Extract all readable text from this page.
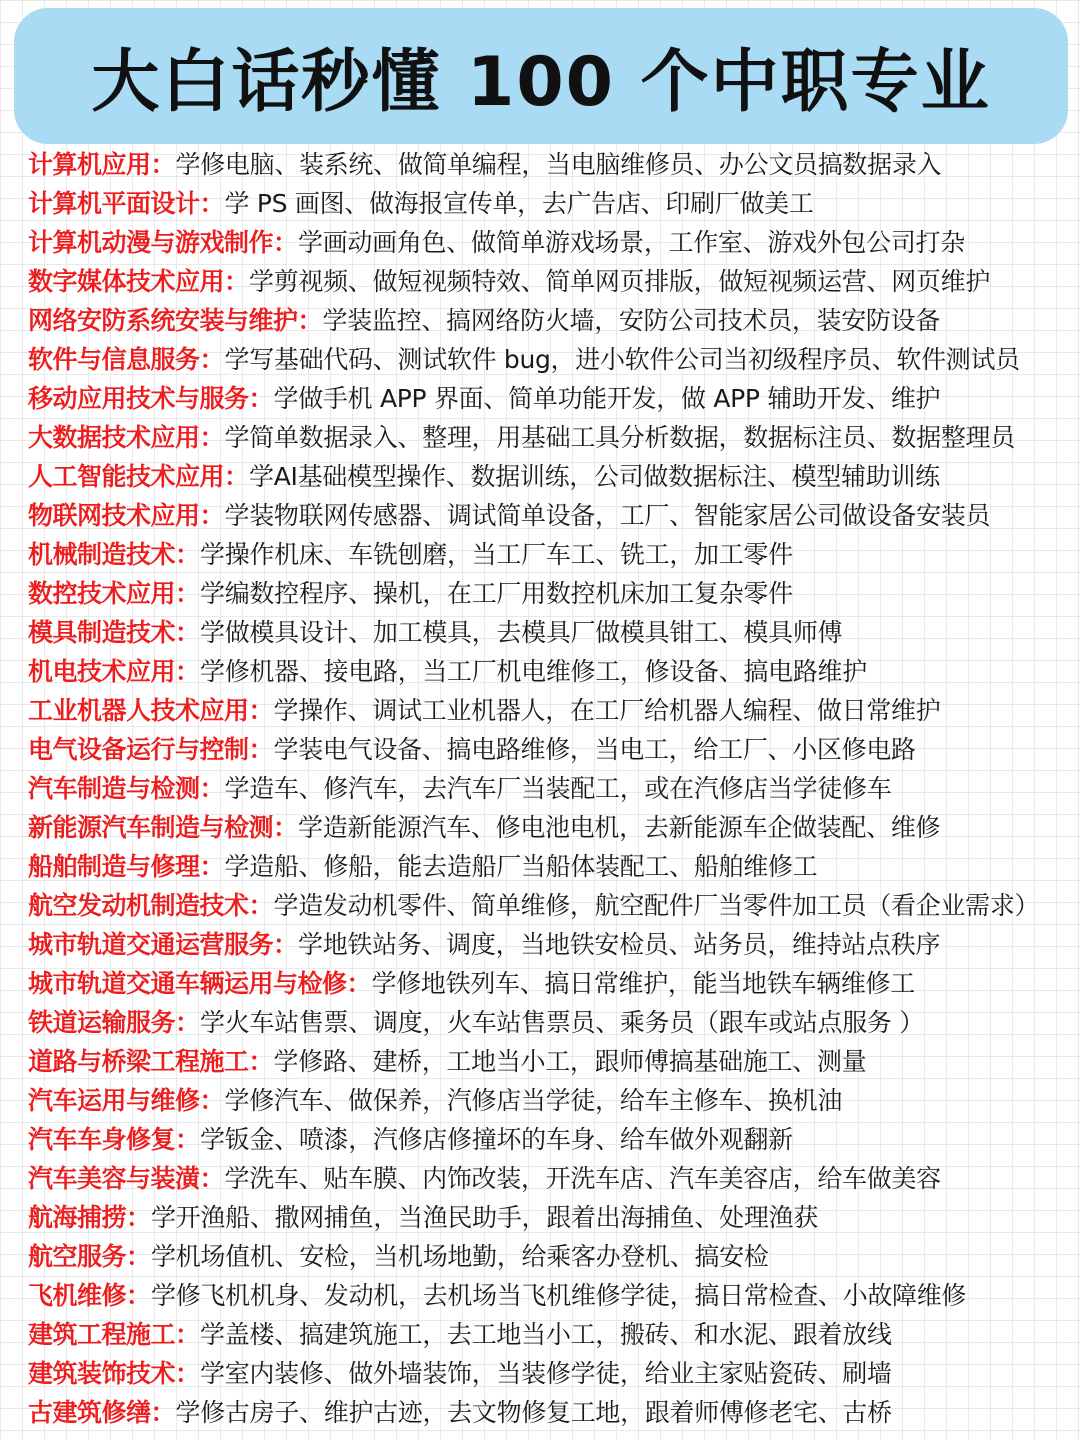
大白话秒懂 100 个中职专业
计算机应用：学修电脑、装系统、做简单编程，当电脑维修员、办公文员搞数据录入
计算机平面设计：学 PS 画图、做海报宣传单，去广告店、印刷厂做美工
计算机动漫与游戏制作：学画动画角色、做简单游戏场景，工作室、游戏外包公司打杂
数字媒体技术应用：学剪视频、做短视频特效、简单网页排版，做短视频运营、网页维护
网络安防系统安装与维护：学装监控、搞网络防火墙，安防公司技术员，装安防设备
软件与信息服务：学写基础代码、测试软件 bug，进小软件公司当初级程序员、软件测试员
移动应用技术与服务：学做手机 APP 界面、简单功能开发，做 APP 辅助开发、维护
大数据技术应用：学简单数据录入、整理，用基础工具分析数据，数据标注员、数据整理员
人工智能技术应用：学AI基础模型操作、数据训练，公司做数据标注、模型辅助训练
物联网技术应用：学装物联网传感器、调试简单设备，工厂、智能家居公司做设备安装员
机械制造技术：学操作机床、车铣刨磨，当工厂车工、铣工，加工零件
数控技术应用：学编数控程序、操机，在工厂用数控机床加工复杂零件
模具制造技术：学做模具设计、加工模具，去模具厂做模具钳工、模具师傅
机电技术应用：学修机器、接电路，当工厂机电维修工，修设备、搞电路维护
工业机器人技术应用：学操作、调试工业机器人，在工厂给机器人编程、做日常维护
电气设备运行与控制：学装电气设备、搞电路维修，当电工，给工厂、小区修电路
汽车制造与检测：学造车、修汽车，去汽车厂当装配工，或在汽修店当学徒修车
新能源汽车制造与检测：学造新能源汽车、修电池电机，去新能源车企做装配、维修
船舶制造与修理：学造船、修船，能去造船厂当船体装配工、船舶维修工
航空发动机制造技术：学造发动机零件、简单维修，航空配件厂当零件加工员（看企业需求）
城市轨道交通运营服务：学地铁站务、调度，当地铁安检员、站务员，维持站点秩序
城市轨道交通车辆运用与检修：学修地铁列车、搞日常维护，能当地铁车辆维修工
铁道运输服务：学火车站售票、调度，火车站售票员、乘务员（跟车或站点服务 ）
道路与桥梁工程施工：学修路、建桥，工地当小工，跟师傅搞基础施工、测量
汽车运用与维修：学修汽车、做保养，汽修店当学徒，给车主修车、换机油
汽车车身修复：学钣金、喷漆，汽修店修撞坏的车身、给车做外观翻新
汽车美容与装潢：学洗车、贴车膜、内饰改装，开洗车店、汽车美容店，给车做美容
航海捕捞：学开渔船、撒网捕鱼，当渔民助手，跟着出海捕鱼、处理渔获
航空服务：学机场值机、安检，当机场地勤，给乘客办登机、搞安检
飞机维修：学修飞机机身、发动机，去机场当飞机维修学徒，搞日常检查、小故障维修
建筑工程施工：学盖楼、搞建筑施工，去工地当小工，搬砖、和水泥、跟着放线
建筑装饰技术：学室内装修、做外墙装饰，当装修学徒，给业主家贴瓷砖、刷墙
古建筑修缮：学修古房子、维护古迹，去文物修复工地，跟着师傅修老宅、古桥
